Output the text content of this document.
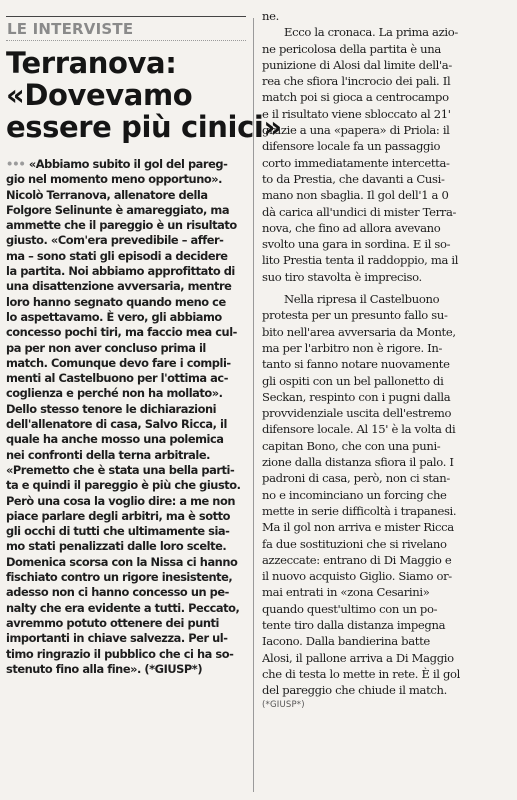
LE INTERVISTE
Terranova:
«Dovevamo
essere più cinici»
••• «Abbiamo subito il gol del pareg-
gio nel momento meno opportuno».
Nicolò Terranova, allenatore della
Folgore Selinunte è amareggiato, ma
ammette che il pareggio è un risultato
giusto. «Com'era prevedibile – affer-
ma – sono stati gli episodi a decidere
la partita. Noi abbiamo approfittato di
una disattenzione avversaria, mentre
loro hanno segnato quando meno ce
lo aspettavamo. È vero, gli abbiamo
concesso pochi tiri, ma faccio mea cul-
pa per non aver concluso prima il
match. Comunque devo fare i compli-
menti al Castelbuono per l'ottima ac-
coglienza e perché non ha mollato».
Dello stesso tenore le dichiarazioni
dell'allenatore di casa, Salvo Ricca, il
quale ha anche mosso una polemica
nei confronti della terna arbitrale.
«Premetto che è stata una bella parti-
ta e quindi il pareggio è più che giusto.
Però una cosa la voglio dire: a me non
piace parlare degli arbitri, ma è sotto
gli occhi di tutti che ultimamente sia-
mo stati penalizzati dalle loro scelte.
Domenica scorsa con la Nissa ci hanno
fischiato contro un rigore inesistente,
adesso non ci hanno concesso un pe-
nalty che era evidente a tutti. Peccato,
avremmo potuto ottenere dei punti
importanti in chiave salvezza. Per ul-
timo ringrazio il pubblico che ci ha so-
stenuto fino alla fine». (*GIUSP*)
ne.
Ecco la cronaca. La prima azio-
ne pericolosa della partita è una
punizione di Alosi dal limite dell'a-
rea che sfiora l'incrocio dei pali. Il
match poi si gioca a centrocampo
e il risultato viene sbloccato al 21'
grazie a una «papera» di Priola: il
difensore locale fa un passaggio
corto immediatamente intercetta-
to da Prestia, che davanti a Cusi-
mano non sbaglia. Il gol dell'1 a 0
dà carica all'undici di mister Terra-
nova, che fino ad allora avevano
svolto una gara in sordina. E il so-
lito Prestia tenta il raddoppio, ma il
suo tiro stavolta è impreciso.
Nella ripresa il Castelbuono
protesta per un presunto fallo su-
bito nell'area avversaria da Monte,
ma per l'arbitro non è rigore. In-
tanto si fanno notare nuovamente
gli ospiti con un bel pallonetto di
Seckan, respinto con i pugni dalla
provvidenziale uscita dell'estremo
difensore locale. Al 15' è la volta di
capitan Bono, che con una puni-
zione dalla distanza sfiora il palo. I
padroni di casa, però, non ci stan-
no e incominciano un forcing che
mette in serie difficoltà i trapanesi.
Ma il gol non arriva e mister Ricca
fa due sostituzioni che si rivelano
azzeccate: entrano di Di Maggio e
il nuovo acquisto Giglio. Siamo or-
mai entrati in «zona Cesarini»
quando quest'ultimo con un po-
tente tiro dalla distanza impegna
Iacono. Dalla bandierina batte
Alosi, il pallone arriva a Di Maggio
che di testa lo mette in rete. È il gol
del pareggio che chiude il match.
(*GIUSP*)
